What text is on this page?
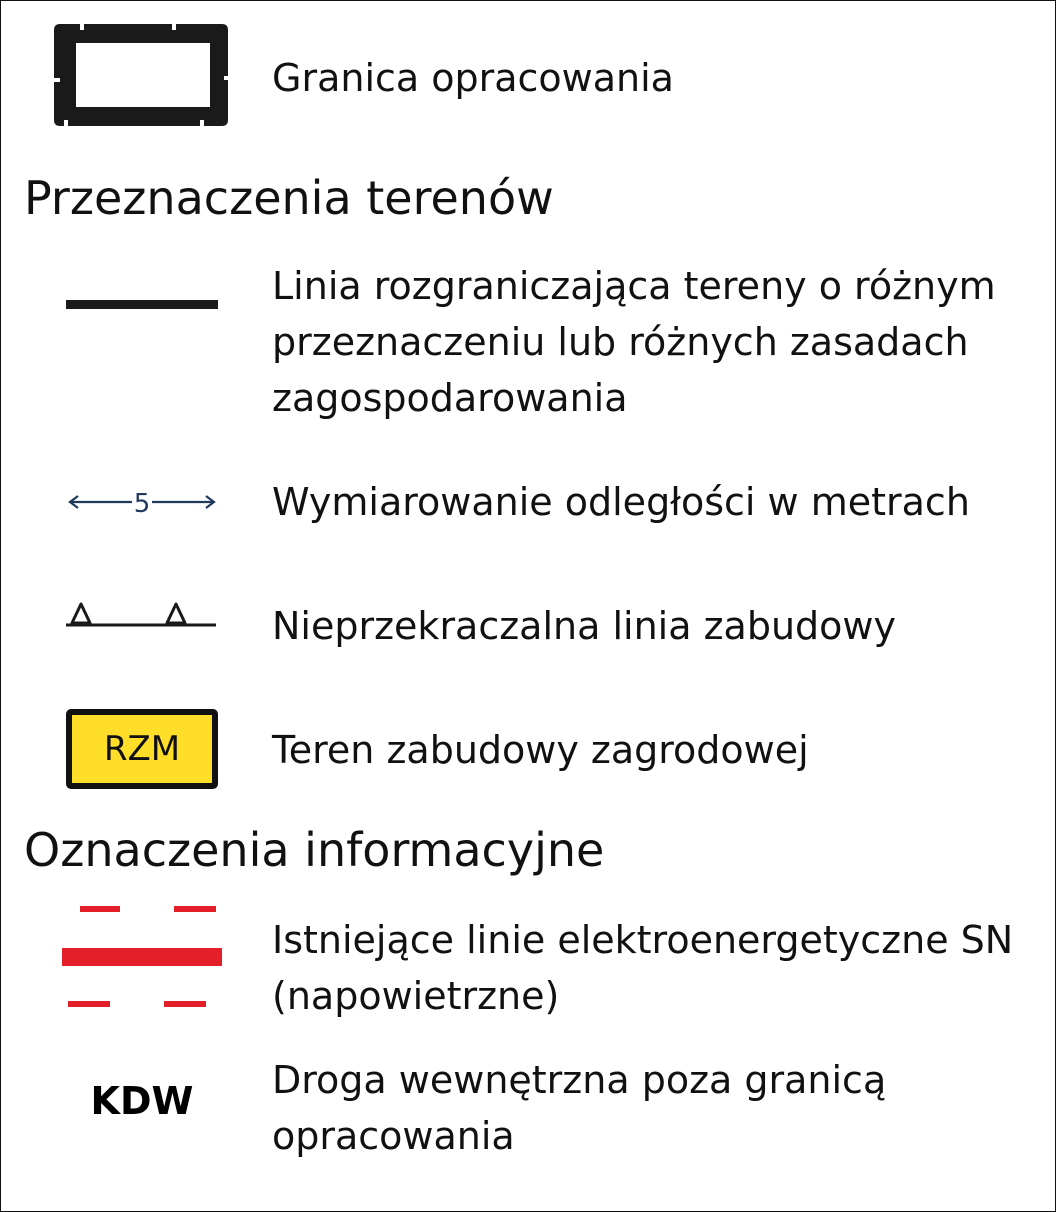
Granica opracowania
Przeznaczenia terenów
Linia rozgraniczająca tereny o różnym
przeznaczeniu lub różnych zasadach
zagospodarowania
5	Wymiarowanie odległości w metrach
Nieprzekraczalna linia zabudowy
RZM Teren zabudowy zagrodowej
Oznaczenia informacyjne
Istniejące linie elektroenergetyczne SN
(napowietrzne)
KDW	Droga wewnętrzna poza granicą
opracowania
